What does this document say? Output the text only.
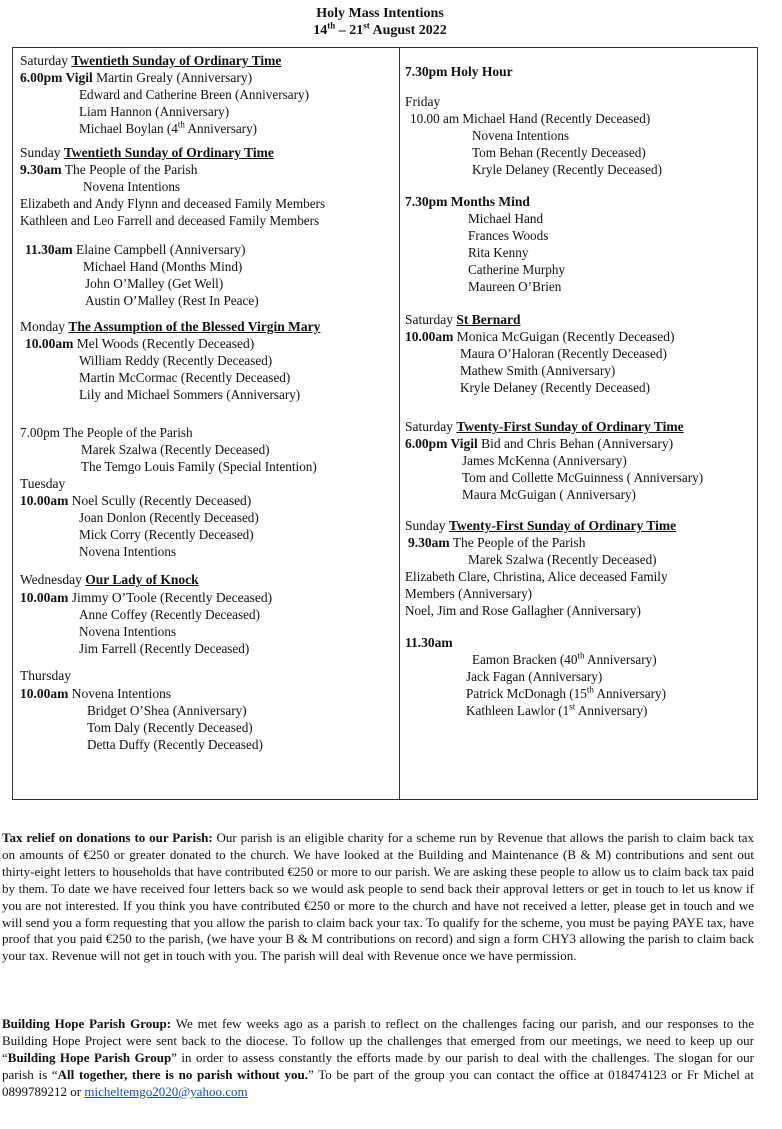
Holy Mass Intentions
14th – 21st August 2022
Saturday Twentieth Sunday of Ordinary Time
6.00pm Vigil Martin Grealy (Anniversary)
Edward and Catherine Breen (Anniversary)
Liam Hannon (Anniversary)
Michael Boylan (4th Anniversary)
Sunday Twentieth Sunday of Ordinary Time
9.30am The People of the Parish
Novena Intentions
Elizabeth and Andy Flynn and deceased Family Members
Kathleen and Leo Farrell and deceased Family Members
11.30am Elaine Campbell (Anniversary)
Michael Hand (Months Mind)
John O’Malley (Get Well)
Austin O’Malley (Rest In Peace)
Monday The Assumption of the Blessed Virgin Mary
10.00am Mel Woods (Recently Deceased)
William Reddy (Recently Deceased)
Martin McCormac (Recently Deceased)
Lily and Michael Sommers (Anniversary)
7.00pm The People of the Parish
Marek Szalwa (Recently Deceased)
The Temgo Louis Family (Special Intention)
Tuesday
10.00am Noel Scully (Recently Deceased)
Joan Donlon (Recently Deceased)
Mick Corry (Recently Deceased)
Novena Intentions
Wednesday Our Lady of Knock
10.00am Jimmy O’Toole (Recently Deceased)
Anne Coffey (Recently Deceased)
Novena Intentions
Jim Farrell (Recently Deceased)
Thursday
10.00am Novena Intentions
Bridget O’Shea (Anniversary)
Tom Daly (Recently Deceased)
Detta Duffy (Recently Deceased)
7.30pm Holy Hour
Friday
10.00 am Michael Hand (Recently Deceased)
Novena Intentions
Tom Behan (Recently Deceased)
Kryle Delaney (Recently Deceased)
7.30pm Months Mind
Michael Hand
Frances Woods
Rita Kenny
Catherine Murphy
Maureen O’Brien
Saturday St Bernard
10.00am Monica McGuigan (Recently Deceased)
Maura O’Haloran (Recently Deceased)
Mathew Smith (Anniversary)
Kryle Delaney (Recently Deceased)
Saturday Twenty-First Sunday of Ordinary Time
6.00pm Vigil Bid and Chris Behan (Anniversary)
James McKenna (Anniversary)
Tom and Collette McGuinness ( Anniversary)
Maura McGuigan ( Anniversary)
Sunday Twenty-First Sunday of Ordinary Time
9.30am The People of the Parish
Marek Szalwa (Recently Deceased)
Elizabeth Clare, Christina, Alice deceased Family
Members (Anniversary)
Noel, Jim and Rose Gallagher (Anniversary)
11.30am
Eamon Bracken (40th Anniversary)
Jack Fagan (Anniversary)
Patrick McDonagh (15th Anniversary)
Kathleen Lawlor (1st Anniversary)
Tax relief on donations to our Parish: Our parish is an eligible charity for a scheme run by Revenue that allows the parish to claim back tax on amounts of €250 or greater donated to the church. We have looked at the Building and Maintenance (B & M) contributions and sent out thirty-eight letters to households that have contributed €250 or more to our parish. We are asking these people to allow us to claim back tax paid by them. To date we have received four letters back so we would ask people to send back their approval letters or get in touch to let us know if you are not interested. If you think you have contributed €250 or more to the church and have not received a letter, please get in touch and we will send you a form requesting that you allow the parish to claim back your tax. To qualify for the scheme, you must be paying PAYE tax, have proof that you paid €250 to the parish, (we have your B & M contributions on record) and sign a form CHY3 allowing the parish to claim back your tax. Revenue will not get in touch with you. The parish will deal with Revenue once we have permission.
Building Hope Parish Group: We met few weeks ago as a parish to reflect on the challenges facing our parish, and our responses to the Building Hope Project were sent back to the diocese. To follow up the challenges that emerged from our meetings, we need to keep up our “Building Hope Parish Group” in order to assess constantly the efforts made by our parish to deal with the challenges. The slogan for our parish is “All together, there is no parish without you.” To be part of the group you can contact the office at 018474123 or Fr Michel at 0899789212 or micheltemgo2020@yahoo.com
